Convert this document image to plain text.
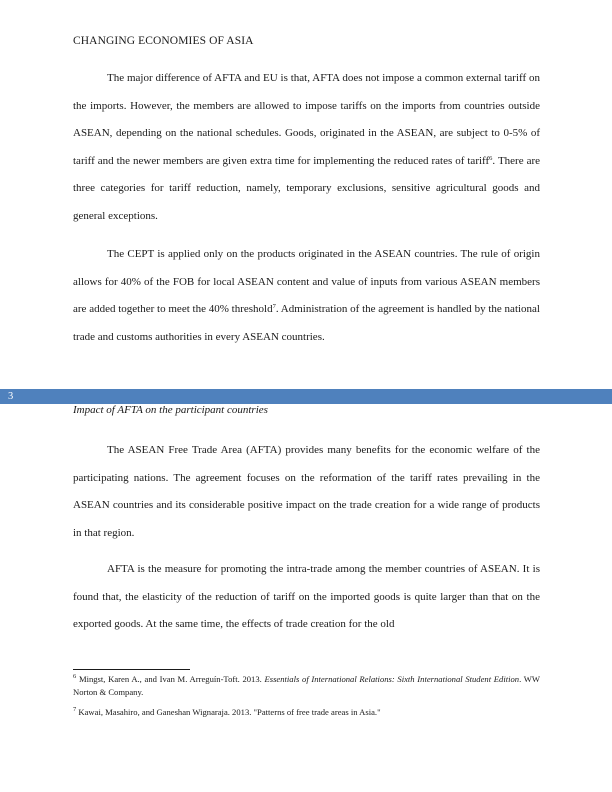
CHANGING ECONOMIES OF ASIA

The major difference of AFTA and EU is that, AFTA does not impose a common external tariff on the imports. However, the members are allowed to impose tariffs on the imports from countries outside ASEAN, depending on the national schedules. Goods, originated in the ASEAN, are subject to 0-5% of tariff and the newer members are given extra time for implementing the reduced rates of tariff$^6$. There are three categories for tariff reduction, namely, temporary exclusions, sensitive agricultural goods and general exceptions.

The CEPT is applied only on the products originated in the ASEAN countries. The rule of origin allows for 40% of the FOB for local ASEAN content and value of inputs from various ASEAN members are added together to meet the 40% threshold$^7$. Administration of the agreement is handled by the national trade and customs authorities in every ASEAN countries.

3
Impact of AFTA on the participant countries

The ASEAN Free Trade Area (AFTA) provides many benefits for the economic welfare of the participating nations. The agreement focuses on the reformation of the tariff rates prevailing in the ASEAN countries and its considerable positive impact on the trade creation for a wide range of products in that region.

AFTA is the measure for promoting the intra-trade among the member countries of ASEAN. It is found that, the elasticity of the reduction of tariff on the imported goods is quite larger than that on the exported goods. At the same time, the effects of trade creation for the old

$^6$ Mingst, Karen A., and Ivan M. Arreguín-Toft. 2013. Essentials of International Relations: Sixth International Student Edition. WW Norton & Company.

$^7$ Kawai, Masahiro, and Ganeshan Wignaraja. 2013. "Patterns of free trade areas in Asia."
